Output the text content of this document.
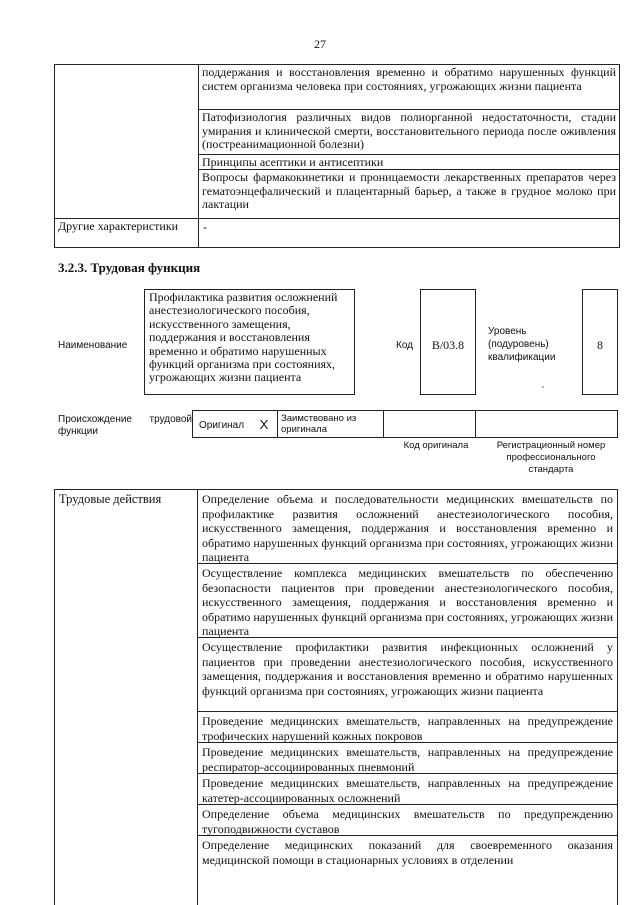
27
поддержания и восстановления временно и обратимо нарушенных функций систем организма человека при состояниях, угрожающих жизни пациента
Патофизиология различных видов полиорганной недостаточности, стадии умирания и клинической смерти, восстановительного периода после оживления (постреанимационной болезни)
Принципы асептики и антисептики
Вопросы фармакокинетики и проницаемости лекарственных препаратов через гематоэнцефалический и плацентарный барьер, а также в грудное молоко при лактации
Другие характеристики	-
3.2.3. Трудовая функция
Наименование
Профилактика развития осложнений анестезиологического пособия, искусственного замещения, поддержания и восстановления временно и обратимо нарушенных функций организма при состояниях, угрожающих жизни пациента
Код	B/03.8
Уровень (подуровень) квалификации
8
Происхождение трудовой
функции
Оригинал	X	Заимствовано из оригинала
Код оригинала	Регистрационный номер профессионального стандарта
Трудовые действия	Определение объема и последовательности медицинских вмешательств по профилактике развития осложнений анестезиологического пособия, искусственного замещения, поддержания и восстановления временно и обратимо нарушенных функций организма при состояниях, угрожающих жизни пациента
Осуществление комплекса медицинских вмешательств по обеспечению безопасности пациентов при проведении анестезиологического пособия, искусственного замещения, поддержания и восстановления временно и обратимо нарушенных функций организма при состояниях, угрожающих жизни пациента
Осуществление профилактики развития инфекционных осложнений у пациентов при проведении анестезиологического пособия, искусственного замещения, поддержания и восстановления временно и обратимо нарушенных функций организма при состояниях, угрожающих жизни пациента
Проведение медицинских вмешательств, направленных на предупреждение трофических нарушений кожных покровов
Проведение медицинских вмешательств, направленных на предупреждение респиратор-ассоциированных пневмоний
Проведение медицинских вмешательств, направленных на предупреждение катетер-ассоциированных осложнений
Определение объема медицинских вмешательств по предупреждению тугоподвижности суставов
Определение медицинских показаний для своевременного оказания медицинской помощи в стационарных условиях в отделении
